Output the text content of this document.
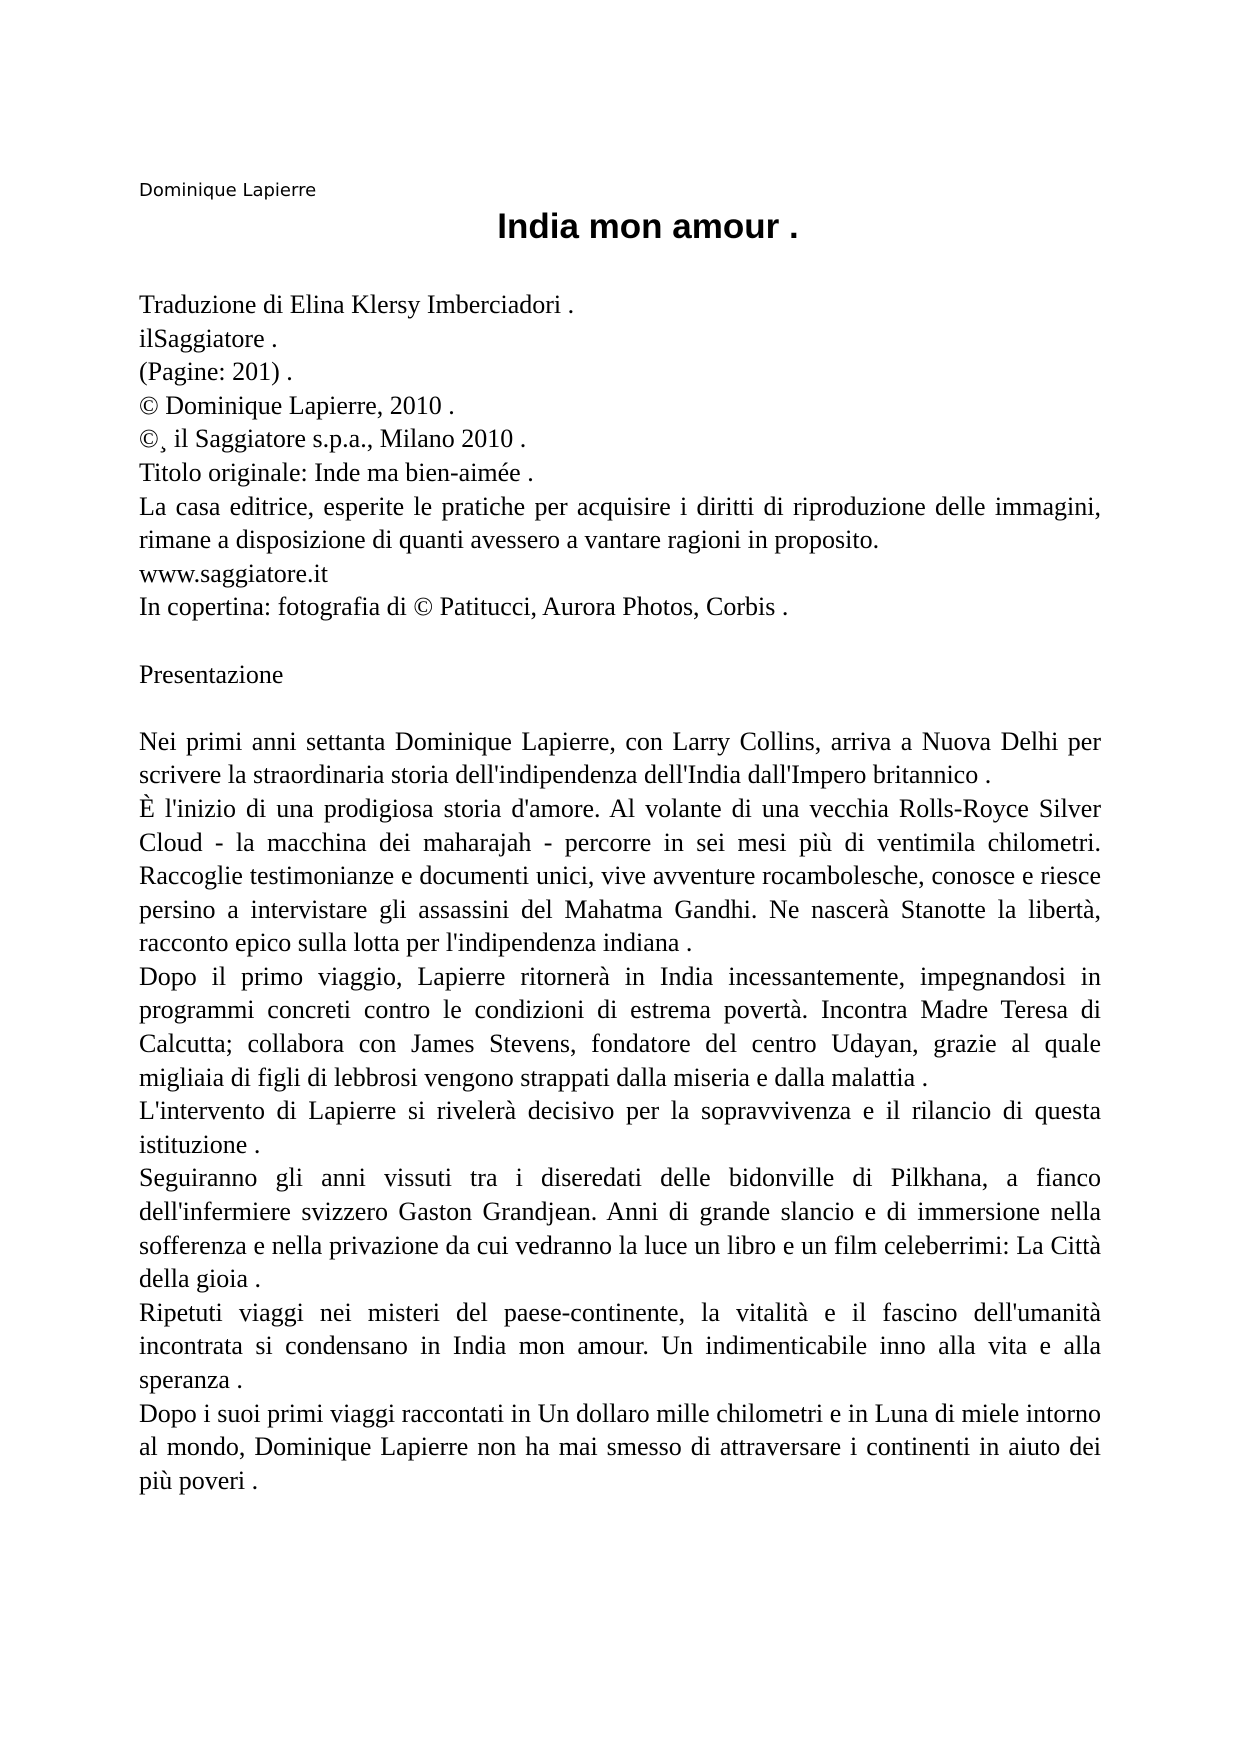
Dominique Lapierre

India mon amour .

Traduzione di Elina Klersy Imberciadori .

ilSaggiatore .

(Pagine: 201) .

© Dominique Lapierre, 2010 .

©¸ il Saggiatore s.p.a., Milano 2010 .

Titolo originale: Inde ma bien-aimée .

La casa editrice, esperite le pratiche per acquisire i diritti di riproduzione delle immagini, rimane a disposizione di quanti avessero a vantare ragioni in proposito.

www.saggiatore.it

In copertina: fotografia di © Patitucci, Aurora Photos, Corbis .

Presentazione

Nei primi anni settanta Dominique Lapierre, con Larry Collins, arriva a Nuova Delhi per scrivere la straordinaria storia dell'indipendenza dell'India dall'Impero britannico .

È l'inizio di una prodigiosa storia d'amore. Al volante di una vecchia Rolls-Royce Silver Cloud - la macchina dei maharajah - percorre in sei mesi più di ventimila chilometri. Raccoglie testimonianze e documenti unici, vive avventure rocambolesche, conosce e riesce persino a intervistare gli assassini del Mahatma Gandhi. Ne nascerà Stanotte la libertà, racconto epico sulla lotta per l'indipendenza indiana .

Dopo il primo viaggio, Lapierre ritornerà in India incessantemente, impegnandosi in programmi concreti contro le condizioni di estrema povertà. Incontra Madre Teresa di Calcutta; collabora con James Stevens, fondatore del centro Udayan, grazie al quale migliaia di figli di lebbrosi vengono strappati dalla miseria e dalla malattia .

L'intervento di Lapierre si rivelerà decisivo per la sopravvivenza e il rilancio di questa istituzione .

Seguiranno gli anni vissuti tra i diseredati delle bidonville di Pilkhana, a fianco dell'infermiere svizzero Gaston Grandjean. Anni di grande slancio e di immersione nella sofferenza e nella privazione da cui vedranno la luce un libro e un film celeberrimi: La Città della gioia .

Ripetuti viaggi nei misteri del paese-continente, la vitalità e il fascino dell'umanità incontrata si condensano in India mon amour. Un indimenticabile inno alla vita e alla speranza .

Dopo i suoi primi viaggi raccontati in Un dollaro mille chilometri e in Luna di miele intorno al mondo, Dominique Lapierre non ha mai smesso di attraversare i continenti in aiuto dei più poveri .
